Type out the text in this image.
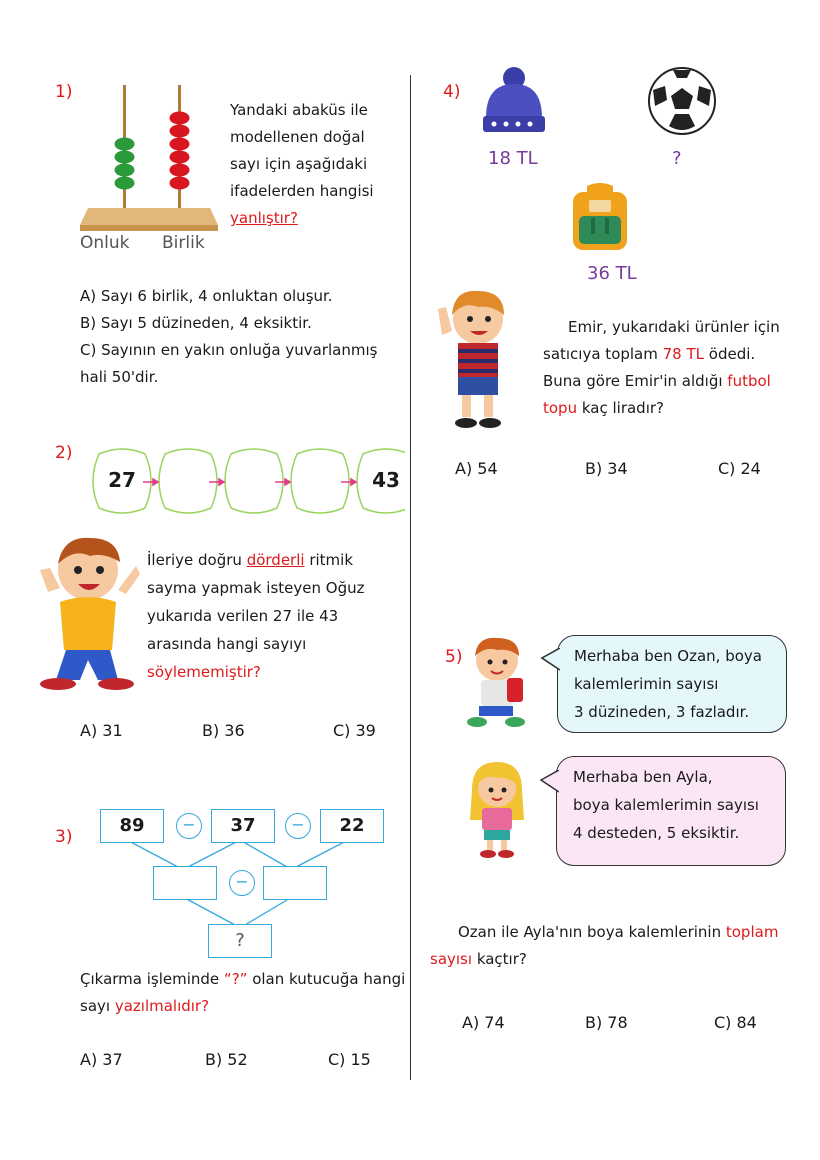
1)
Onluk Birlik
Yandaki abaküs ile
modellenen doğal
sayı için aşağıdaki
ifadelerden hangisi
yanlıştır?
A) Sayı 6 birlik, 4 onluktan oluşur.
B) Sayı 5 düzineden, 4 eksiktir.
C) Sayının en yakın onluğa yuvarlanmış
hali 50'dir.
2)
27	43
İleriye doğru dörderli ritmik
sayma yapmak isteyen Oğuz
yukarıda verilen 27 ile 43
arasında hangi sayıyı
söylememiştir?
A) 31	B) 36	C) 39
3)
89	−	37	−	22
−
?
Çıkarma işleminde “?” olan kutucuğa hangi
sayı yazılmalıdır?
A) 37	B) 52	C) 15
4)
18 TL	?
36 TL
Emir, yukarıdaki ürünler için
satıcıya toplam 78 TL ödedi.
Buna göre Emir'in aldığı futbol
topu kaç liradır?
A) 54	B) 34	C) 24
5)	Merhaba ben Ozan, boya
kalemlerimin sayısı
3 düzineden, 3 fazladır.
Merhaba ben Ayla,
boya kalemlerimin sayısı
4 desteden, 5 eksiktir.
Ozan ile Ayla'nın boya kalemlerinin toplam
sayısı kaçtır?
A) 74	B) 78	C) 84
